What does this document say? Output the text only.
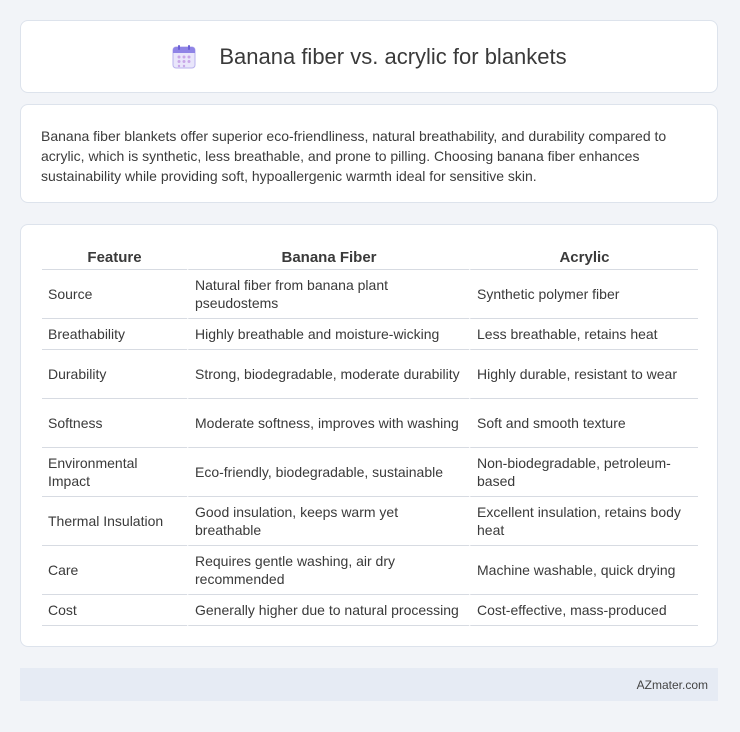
Banana fiber vs. acrylic for blankets

Banana fiber blankets offer superior eco-friendliness, natural breathability, and durability compared to acrylic, which is synthetic, less breathable, and prone to pilling. Choosing banana fiber enhances sustainability while providing soft, hypoallergenic warmth ideal for sensitive skin.

Feature	Banana Fiber	Acrylic
Source	Natural fiber from banana plant pseudostems	Synthetic polymer fiber
Breathability	Highly breathable and moisture-wicking	Less breathable, retains heat
Durability	Strong, biodegradable, moderate durability	Highly durable, resistant to wear
Softness	Moderate softness, improves with washing	Soft and smooth texture
Environmental Impact	Eco-friendly, biodegradable, sustainable	Non-biodegradable, petroleum-based
Thermal Insulation	Good insulation, keeps warm yet breathable	Excellent insulation, retains body heat
Care	Requires gentle washing, air dry recommended	Machine washable, quick drying
Cost	Generally higher due to natural processing	Cost-effective, mass-produced
AZmater.com
